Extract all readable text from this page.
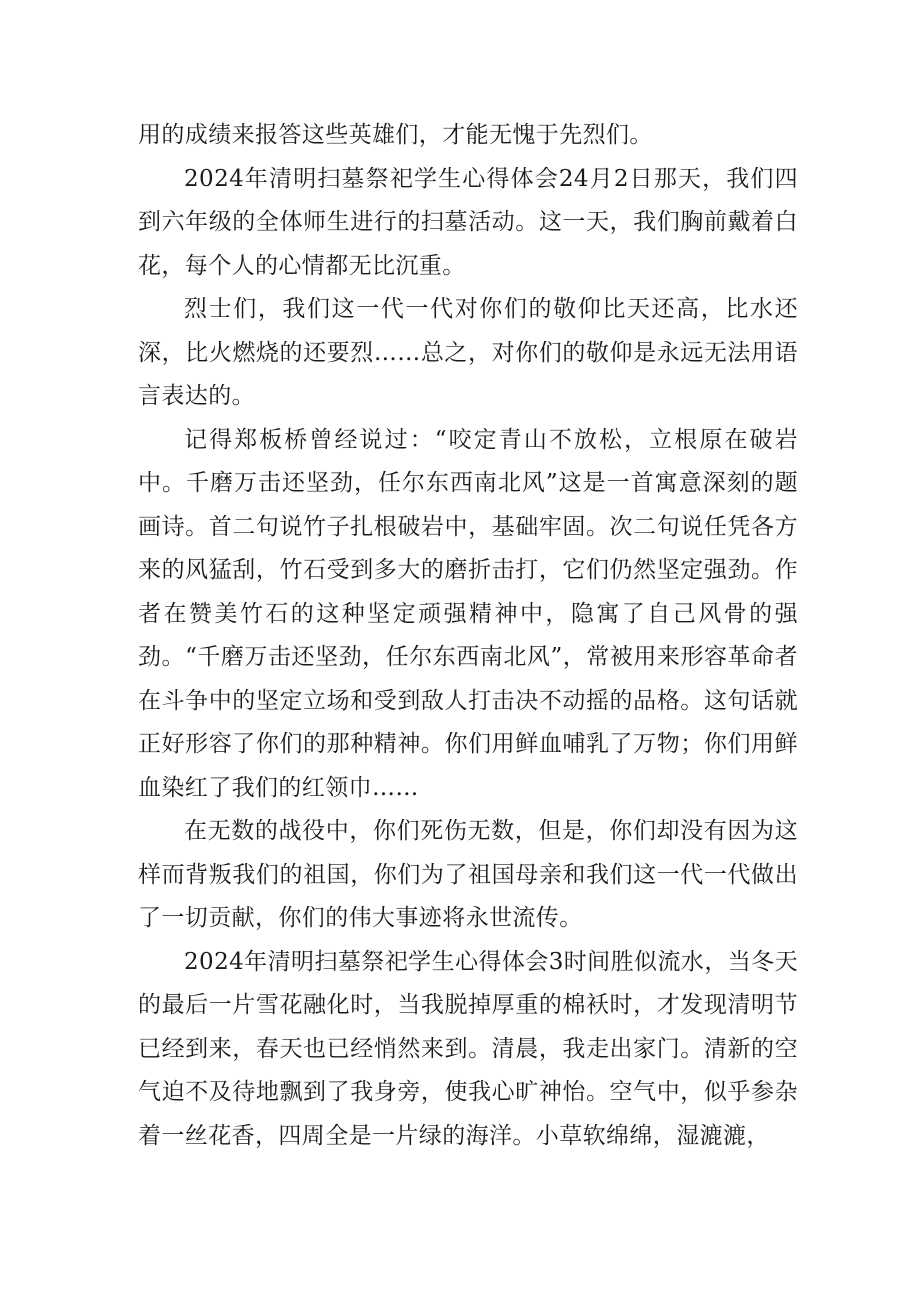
用的成绩来报答这些英雄们，才能无愧于先烈们。

2024年清明扫墓祭祀学生心得体会24月2日那天，我们四到六年级的全体师生进行的扫墓活动。这一天，我们胸前戴着白花，每个人的心情都无比沉重。

烈士们，我们这一代一代对你们的敬仰比天还高，比水还深，比火燃烧的还要烈……总之，对你们的敬仰是永远无法用语言表达的。

记得郑板桥曾经说过：“咬定青山不放松，立根原在破岩中。千磨万击还坚劲，任尔东西南北风”这是一首寓意深刻的题画诗。首二句说竹子扎根破岩中，基础牢固。次二句说任凭各方来的风猛刮，竹石受到多大的磨折击打，它们仍然坚定强劲。作者在赞美竹石的这种坚定顽强精神中，隐寓了自己风骨的强劲。“千磨万击还坚劲，任尔东西南北风”，常被用来形容革命者在斗争中的坚定立场和受到敌人打击决不动摇的品格。这句话就正好形容了你们的那种精神。你们用鲜血哺乳了万物；你们用鲜血染红了我们的红领巾……

在无数的战役中，你们死伤无数，但是，你们却没有因为这样而背叛我们的祖国，你们为了祖国母亲和我们这一代一代做出了一切贡献，你们的伟大事迹将永世流传。

2024年清明扫墓祭祀学生心得体会3时间胜似流水，当冬天的最后一片雪花融化时，当我脱掉厚重的棉袄时，才发现清明节已经到来，春天也已经悄然来到。清晨，我走出家门。清新的空气迫不及待地飘到了我身旁，使我心旷神怡。空气中，似乎参杂着一丝花香，四周全是一片绿的海洋。小草软绵绵，湿漉漉，
